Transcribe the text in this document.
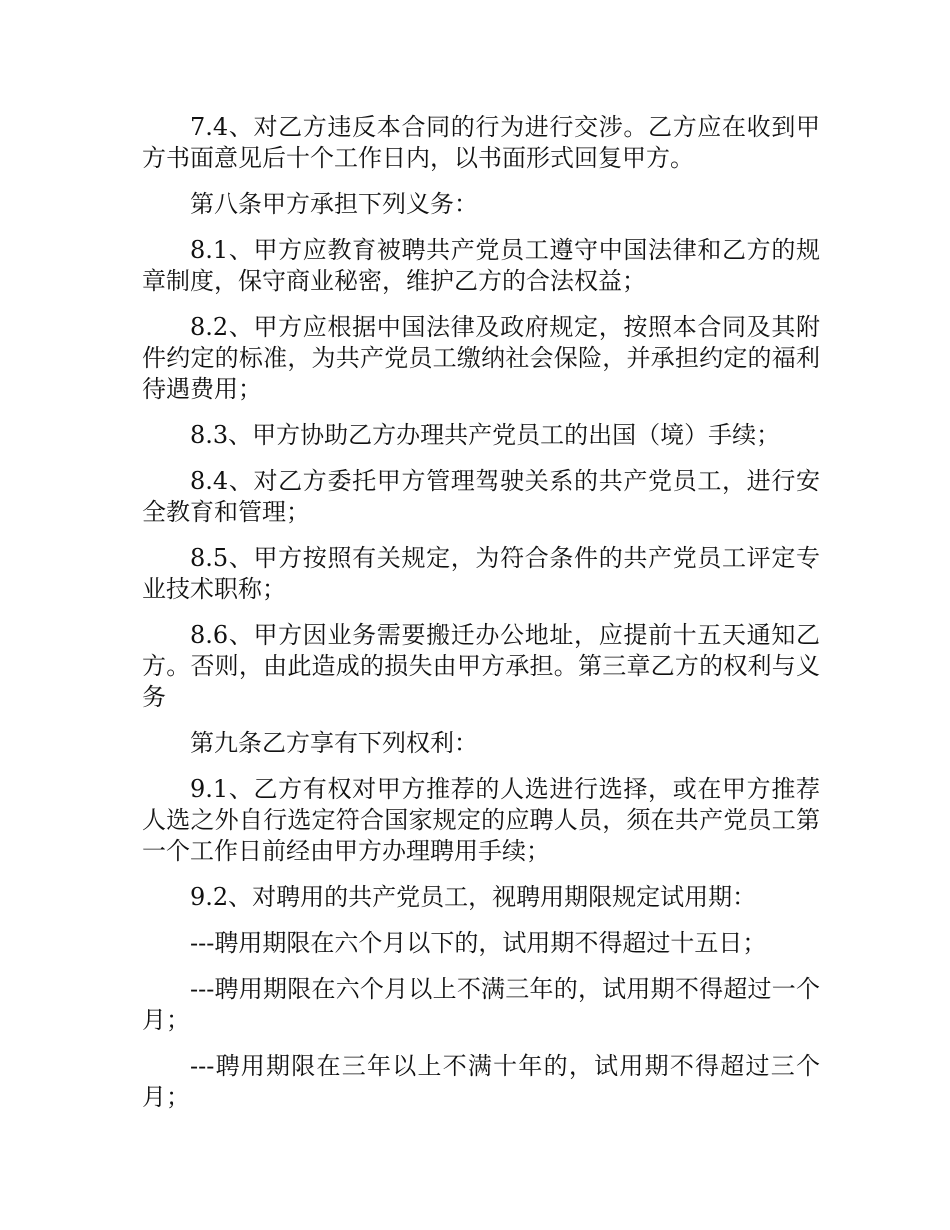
7.4、对乙方违反本合同的行为进行交涉。乙方应在收到甲方书面意见后十个工作日内，以书面形式回复甲方。

第八条甲方承担下列义务：

8.1、甲方应教育被聘共产党员工遵守中国法律和乙方的规章制度，保守商业秘密，维护乙方的合法权益；

8.2、甲方应根据中国法律及政府规定，按照本合同及其附件约定的标准，为共产党员工缴纳社会保险，并承担约定的福利待遇费用；

8.3、甲方协助乙方办理共产党员工的出国（境）手续；

8.4、对乙方委托甲方管理驾驶关系的共产党员工，进行安全教育和管理；

8.5、甲方按照有关规定，为符合条件的共产党员工评定专业技术职称；

8.6、甲方因业务需要搬迁办公地址，应提前十五天通知乙方。否则，由此造成的损失由甲方承担。第三章乙方的权利与义务

第九条乙方享有下列权利：

9.1、乙方有权对甲方推荐的人选进行选择，或在甲方推荐人选之外自行选定符合国家规定的应聘人员，须在共产党员工第一个工作日前经由甲方办理聘用手续；

9.2、对聘用的共产党员工，视聘用期限规定试用期：

---聘用期限在六个月以下的，试用期不得超过十五日；

---聘用期限在六个月以上不满三年的，试用期不得超过一个月；

---聘用期限在三年以上不满十年的，试用期不得超过三个月；
